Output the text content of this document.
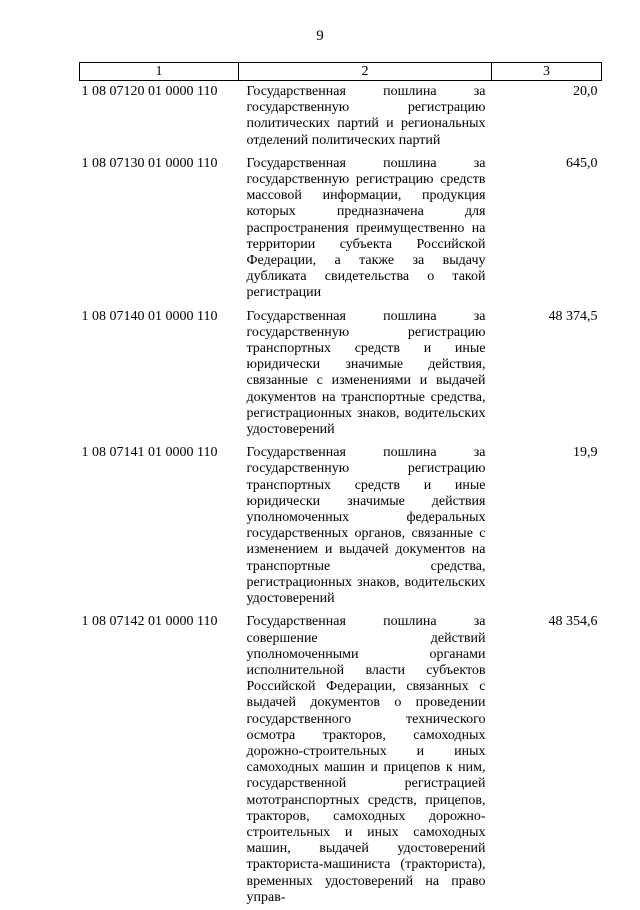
9
1	2	3
1 08 07120 01 0000 110	Государственная пошлина за государственную регистрацию политических партий и региональных отделений политических партий	20,0
1 08 07130 01 0000 110	Государственная пошлина за государственную регистрацию средств массовой информации, продукция которых предназначена для распространения преимущественно на территории субъекта Российской Федерации, а также за выдачу дубликата свидетельства о такой регистрации	645,0
1 08 07140 01 0000 110	Государственная пошлина за государственную регистрацию транспортных средств и иные юридически значимые действия, связанные с изменениями и выдачей документов на транспортные средства, регистрационных знаков, водительских удостоверений	48 374,5
1 08 07141 01 0000 110	Государственная пошлина за государственную регистрацию транспортных средств и иные юридически значимые действия уполномоченных федеральных государственных органов, связанные с изменением и выдачей документов на транспортные средства, регистрационных знаков, водительских удостоверений	19,9
1 08 07142 01 0000 110	Государственная пошлина за совершение действий уполномоченными органами исполнительной власти субъектов Российской Федерации, связанных с выдачей документов о проведении государственного технического осмотра тракторов, самоходных дорожно-строительных и иных самоходных машин и прицепов к ним, государственной регистрацией мототранспортных средств, прицепов, тракторов, самоходных дорожно-строительных и иных самоходных машин, выдачей удостоверений тракториста-машиниста (тракториста), временных удостоверений на право управ-	48 354,6
